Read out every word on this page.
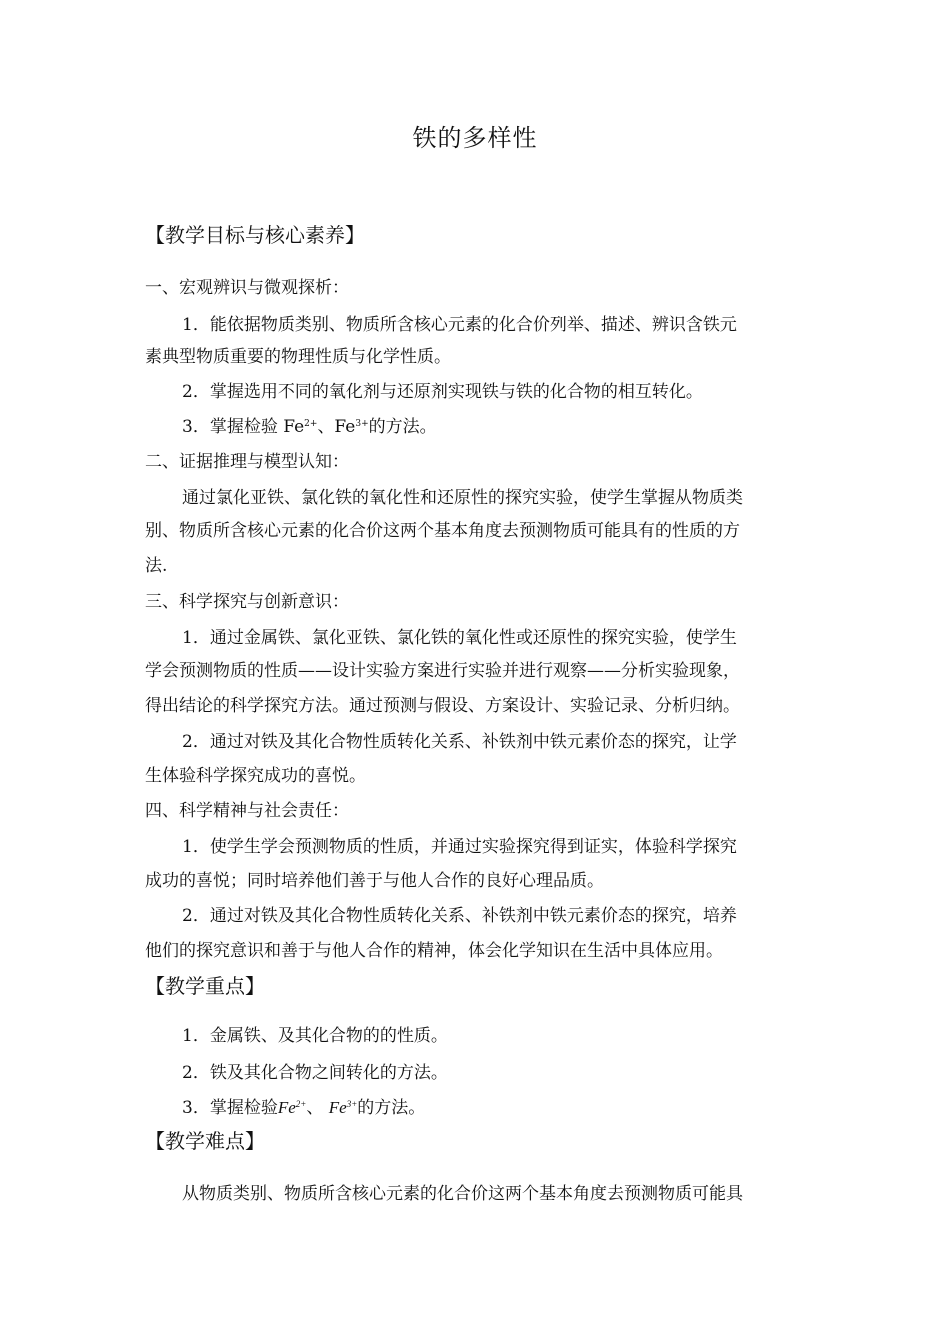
铁的多样性
【教学目标与核心素养】
一、宏观辨识与微观探析：
1．能依据物质类别、物质所含核心元素的化合价列举、描述、辨识含铁元
素典型物质重要的物理性质与化学性质。
2．掌握选用不同的氧化剂与还原剂实现铁与铁的化合物的相互转化。
3．掌握检验 $Fe^{2+}$、$Fe^{3+}$的方法。
二、证据推理与模型认知：
通过氯化亚铁、氯化铁的氧化性和还原性的探究实验，使学生掌握从物质类
别、物质所含核心元素的化合价这两个基本角度去预测物质可能具有的性质的方
法.
三、科学探究与创新意识：
1．通过金属铁、氯化亚铁、氯化铁的氧化性或还原性的探究实验，使学生
学会预测物质的性质——设计实验方案进行实验并进行观察——分析实验现象，
得出结论的科学探究方法。通过预测与假设、方案设计、实验记录、分析归纳。
2．通过对铁及其化合物性质转化关系、补铁剂中铁元素价态的探究，让学
生体验科学探究成功的喜悦。
四、科学精神与社会责任：
1．使学生学会预测物质的性质，并通过实验探究得到证实，体验科学探究
成功的喜悦；同时培养他们善于与他人合作的良好心理品质。
2．通过对铁及其化合物性质转化关系、补铁剂中铁元素价态的探究，培养
他们的探究意识和善于与他人合作的精神，体会化学知识在生活中具体应用。
【教学重点】
1．金属铁、及其化合物的的性质。
2．铁及其化合物之间转化的方法。
3．掌握检验$Fe^{2+}$、 $Fe^{3+}$的方法。
【教学难点】
从物质类别、物质所含核心元素的化合价这两个基本角度去预测物质可能具
